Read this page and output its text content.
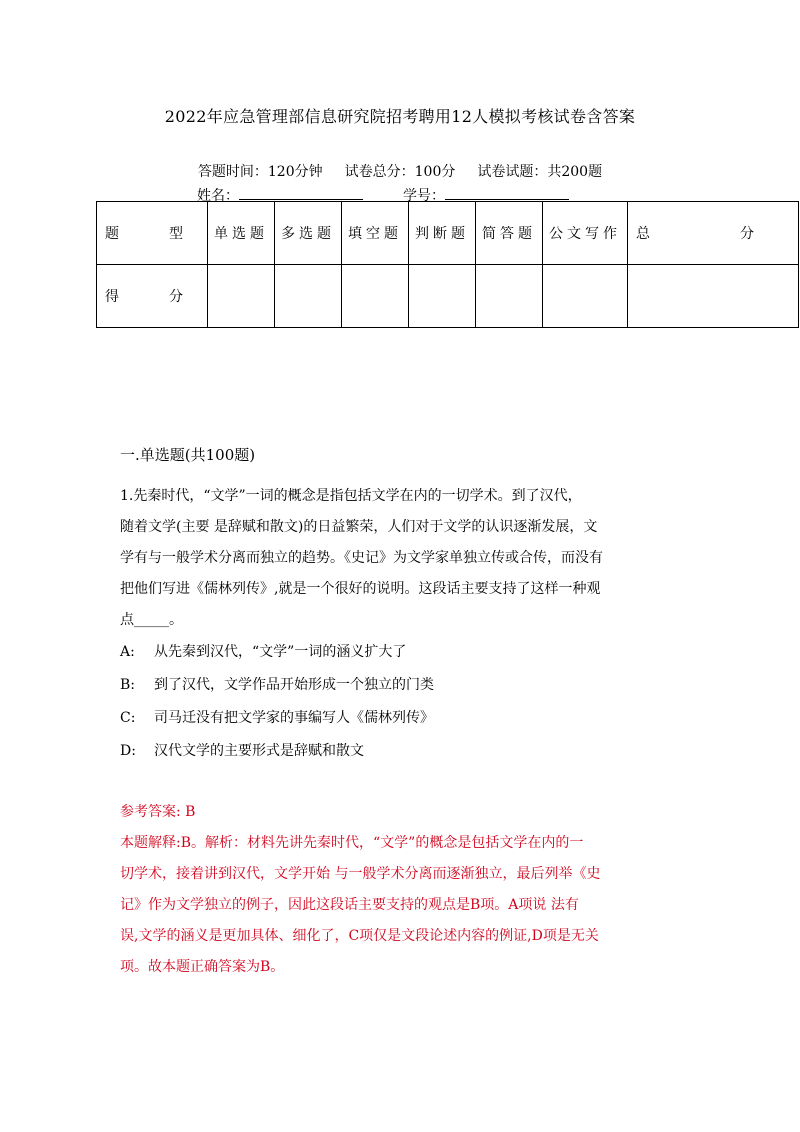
2022年应急管理部信息研究院招考聘用12人模拟考核试卷含答案
答题时间：120分钟 试卷总分：100分 试卷试题：共200题
姓名：	学号：
题　型	单选题	多选题	填空题	判断题	简答题	公文写作	总　分
得　分							
一.单选题(共100题)

1.先秦时代，“文学”一词的概念是指包括文学在内的一切学术。到了汉代，

随着文学(主要 是辞赋和散文)的日益繁荣，人们对于文学的认识逐渐发展，文

学有与一般学术分离而独立的趋势。《史记》为文学家单独立传或合传，而没有

把他们写进《儒林列传》,就是一个很好的说明。这段话主要支持了这样一种观

点_____。

A: 从先秦到汉代，“文学”一词的涵义扩大了

B: 到了汉代，文学作品开始形成一个独立的门类

C: 司马迁没有把文学家的事编写人《儒林列传》

D: 汉代文学的主要形式是辞赋和散文

参考答案: B

本题解释:B。解析：材料先讲先秦时代，“文学”的概念是包括文学在内的一

切学术，接着讲到汉代，文学开始 与一般学术分离而逐渐独立，最后列举《史

记》作为文学独立的例子，因此这段话主要支持的观点是B项。A项说 法有

误,文学的涵义是更加具体、细化了，C项仅是文段论述内容的例证,D项是无关

项。故本题正确答案为B。
